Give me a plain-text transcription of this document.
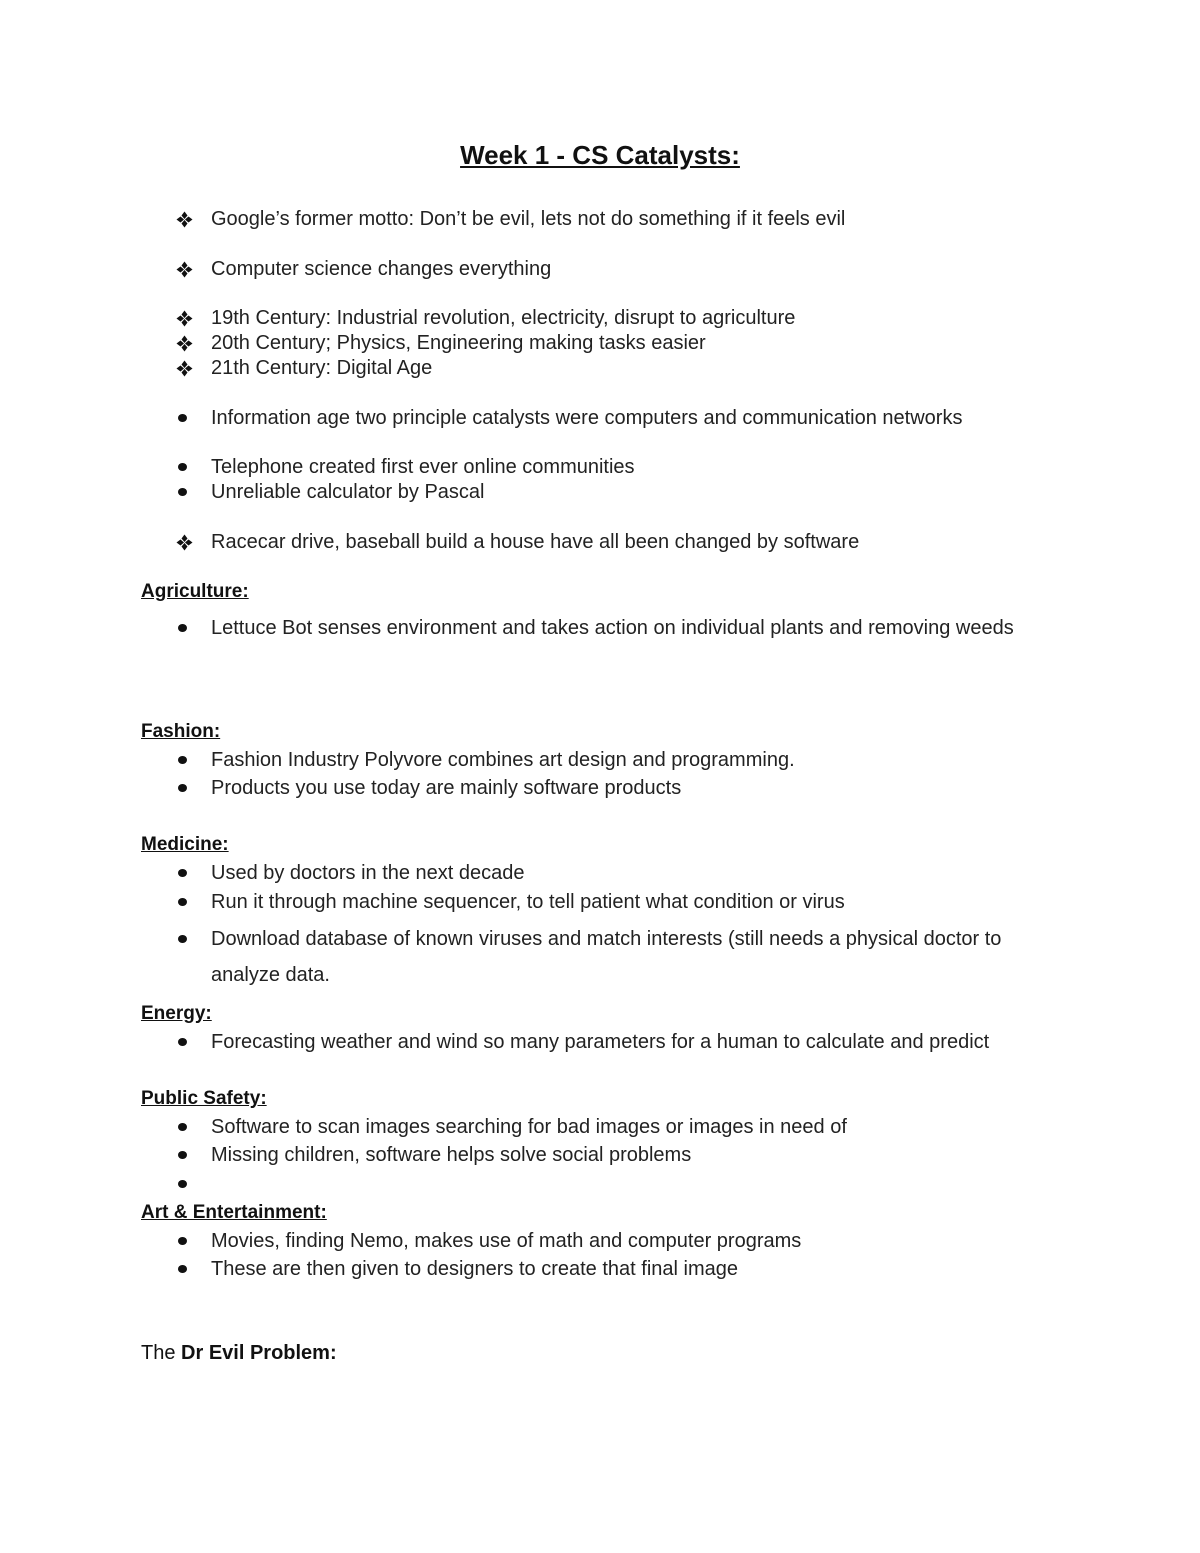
Week 1 - CS Catalysts:
Google’s former motto: Don’t be evil, lets not do something if it feels evil
Computer science changes everything
19th Century: Industrial revolution, electricity, disrupt to agriculture
20th Century; Physics, Engineering making tasks easier
21th Century: Digital Age
Information age two principle catalysts were computers and communication networks
Telephone created first ever online communities
Unreliable calculator by Pascal
Racecar drive, baseball build a house have all been changed by software
Agriculture:
Lettuce Bot senses environment and takes action on individual plants and removing weeds
Fashion:
Fashion Industry Polyvore combines art design and programming.
Products you use today are mainly software products
Medicine:
Used by doctors in the next decade
Run it through machine sequencer, to tell patient what condition or virus
Download database of known viruses and match interests (still needs a physical doctor to analyze data.
Energy:
Forecasting weather and wind so many parameters for a human to calculate and predict
Public Safety:
Software to scan images searching for bad images or images in need of
Missing children, software helps solve social problems
Art & Entertainment:
Movies, finding Nemo, makes use of math and computer programs
These are then given to designers to create that final image
The Dr Evil Problem:
